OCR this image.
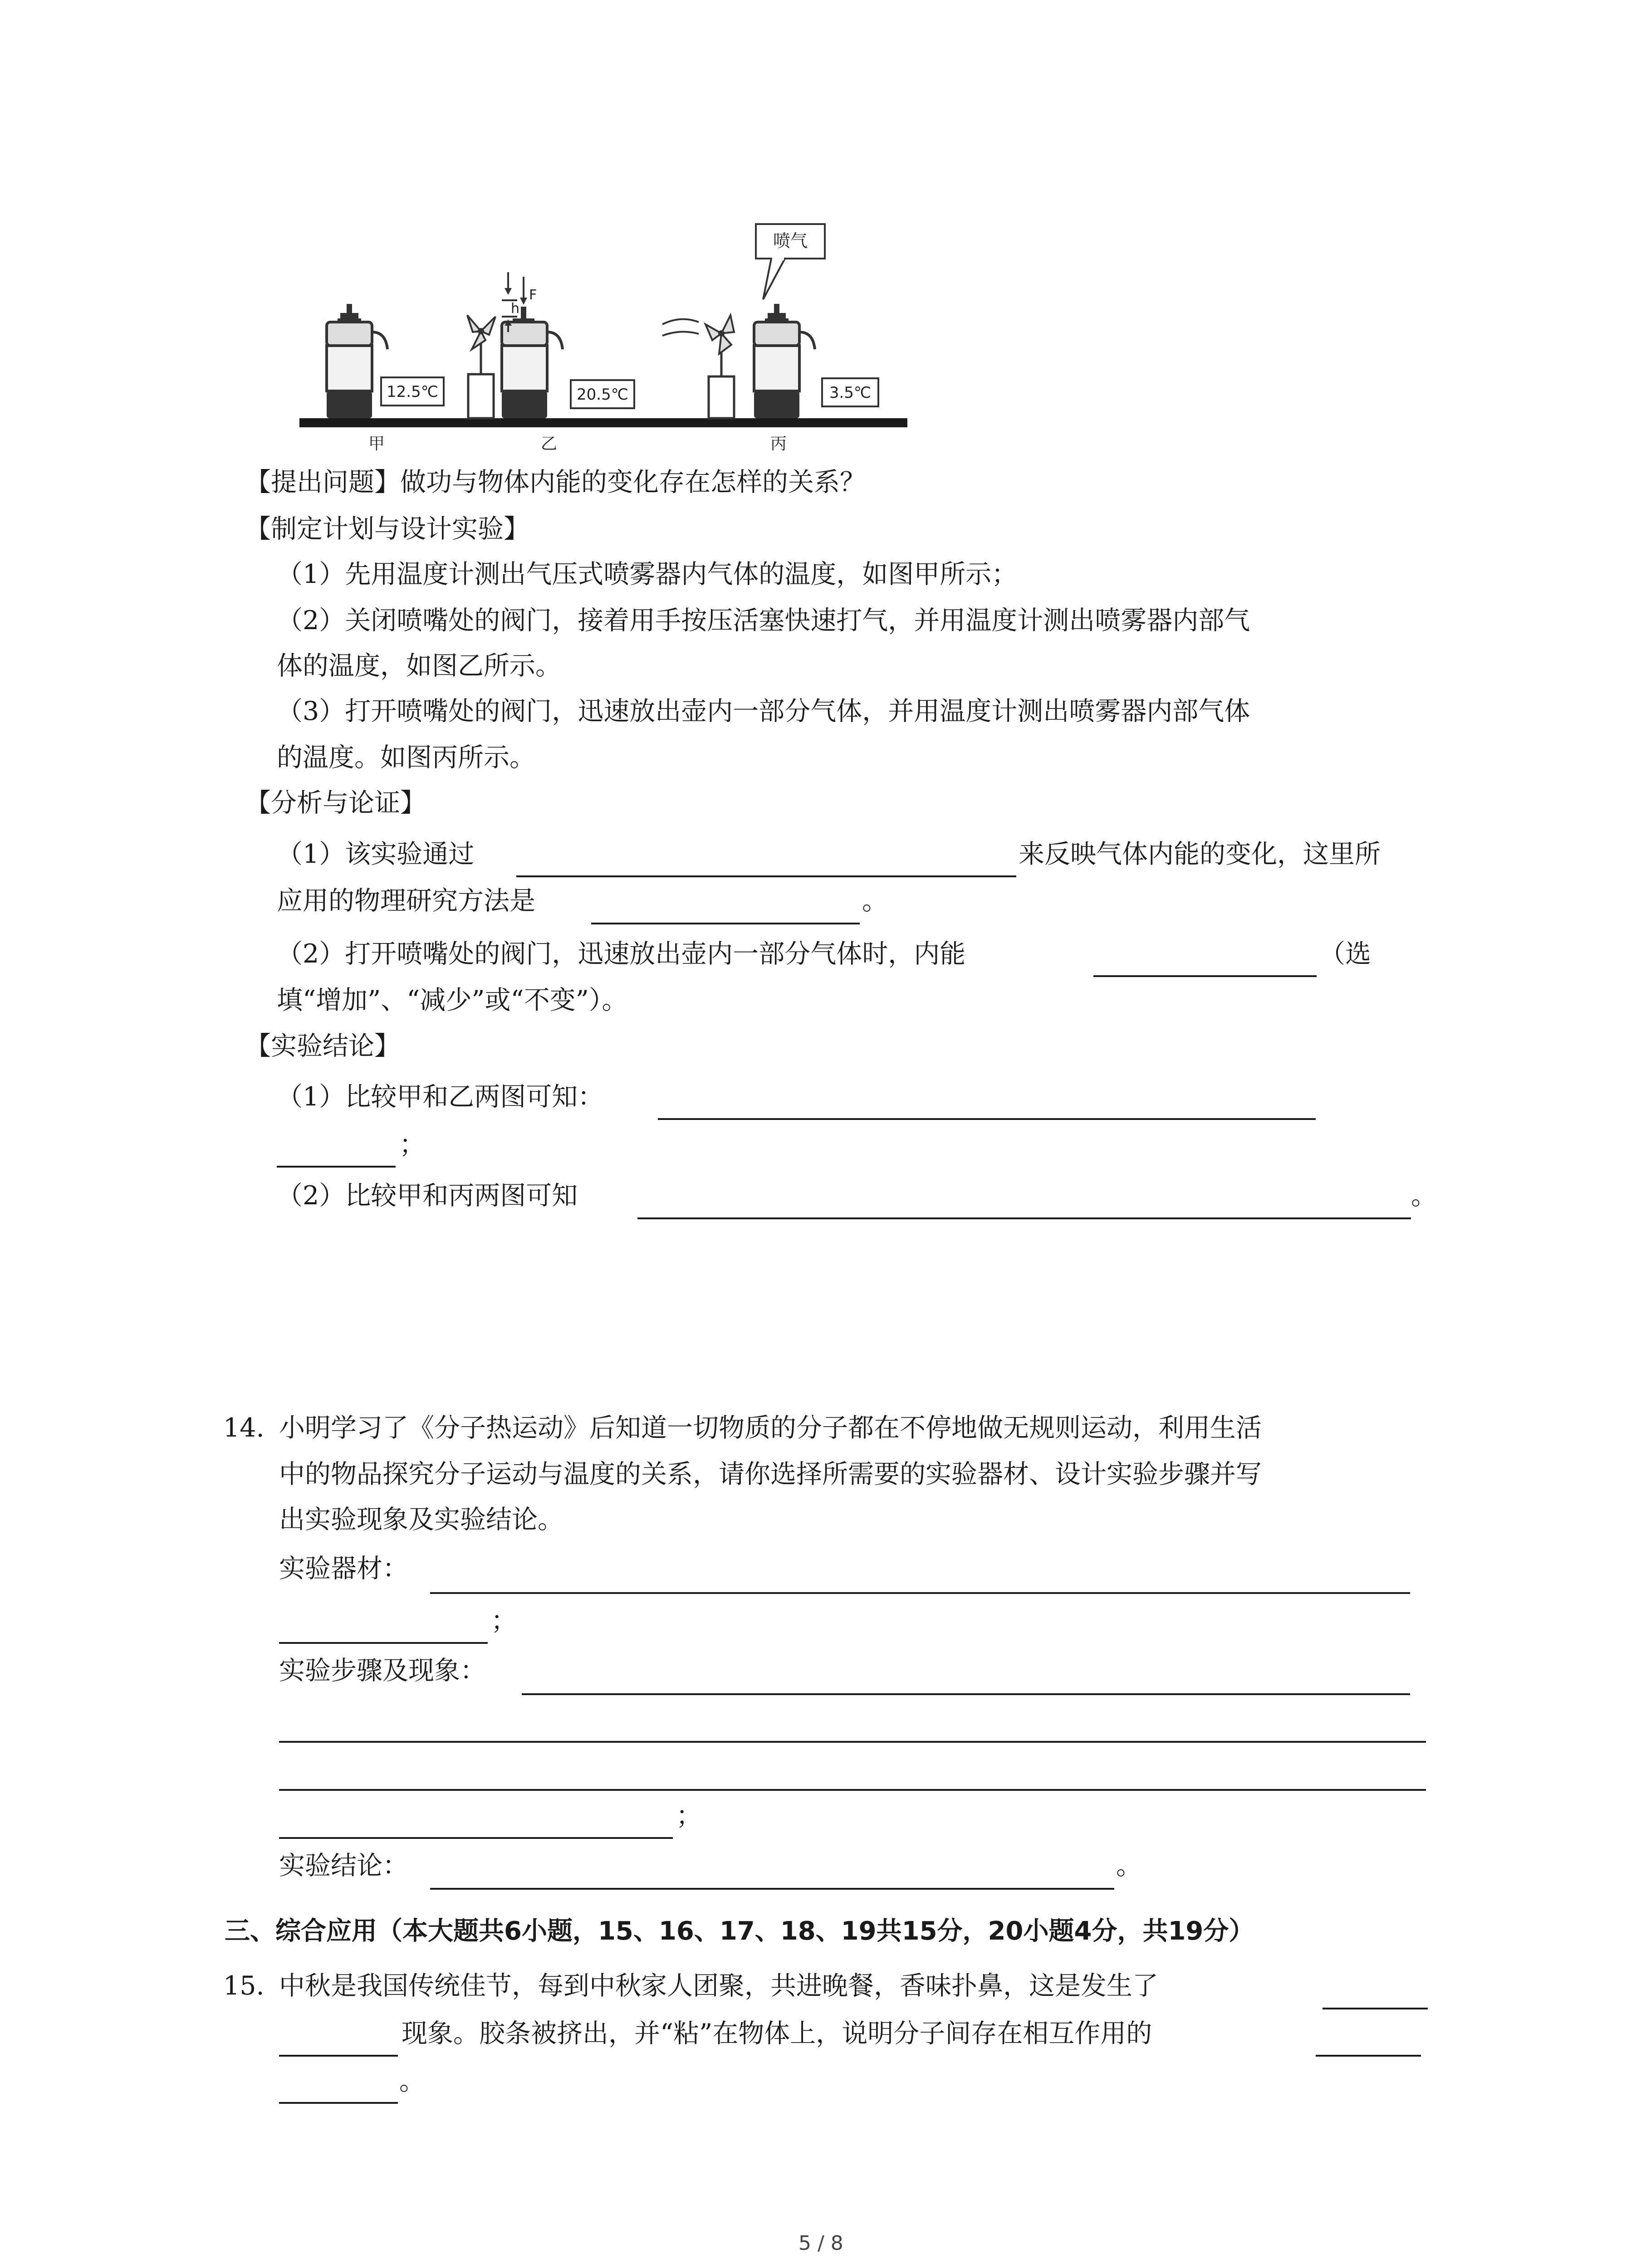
12.5℃
h
F
20.5℃	3.5℃
喷气
甲	乙	丙
【提出问题】做功与物体内能的变化存在怎样的关系？
【制定计划与设计实验】
（1）先用温度计测出气压式喷雾器内气体的温度，如图甲所示；
（2）关闭喷嘴处的阀门，接着用手按压活塞快速打气，并用温度计测出喷雾器内部气
体的温度，如图乙所示。
（3）打开喷嘴处的阀门，迅速放出壶内一部分气体，并用温度计测出喷雾器内部气体
的温度。如图丙所示。
【分析与论证】
（1）该实验通过	来反映气体内能的变化，这里所
应用的物理研究方法是	。
（2）打开喷嘴处的阀门，迅速放出壶内一部分气体时，内能	（选
填“增加”、“减少”或“不变”）。
【实验结论】
（1）比较甲和乙两图可知：
；
（2）比较甲和丙两图可知	。
14. 小明学习了《分子热运动》后知道一切物质的分子都在不停地做无规则运动，利用生活
中的物品探究分子运动与温度的关系，请你选择所需要的实验器材、设计实验步骤并写
出实验现象及实验结论。
实验器材：
；
实验步骤及现象：
；
实验结论：	。
三、综合应用（本大题共6小题，15、16、17、18、19共15分，20小题4分，共19分）
15. 中秋是我国传统佳节，每到中秋家人团聚，共进晚餐，香味扑鼻，这是发生了
现象。胶条被挤出，并“粘”在物体上，说明分子间存在相互作用的
。
5 / 8
